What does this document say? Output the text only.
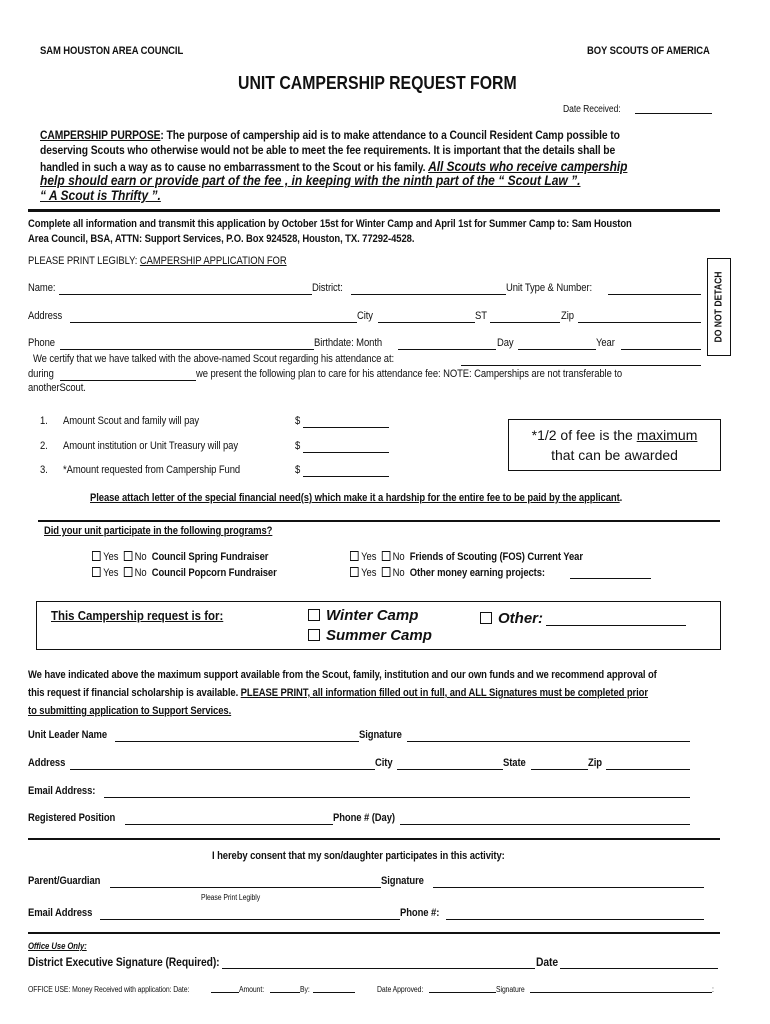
SAM HOUSTON AREA COUNCIL	BOY SCOUTS OF AMERICA
UNIT CAMPERSHIP REQUEST FORM
Date Received:
CAMPERSHIP PURPOSE: The purpose of campership aid is to make attendance to a Council Resident Camp possible to
deserving Scouts who otherwise would not be able to meet the fee requirements. It is important that the details shall be
handled in such a way as to cause no embarrassment to the Scout or his family. All Scouts who receive campership
help should earn or provide part of the fee , in keeping with the ninth part of the “ Scout Law ”.
“ A Scout is Thrifty ”.
Complete all information and transmit this application by October 15st for Winter Camp and April 1st for Summer Camp to: Sam Houston
Area Council, BSA, ATTN: Support Services, P.O. Box 924528, Houston, TX. 77292-4528.
PLEASE PRINT LEGIBLY: CAMPERSHIP APPLICATION FOR
DO NOT DETACH
Name:	District:	Unit Type & Number:
Address	City	ST	Zip
Phone	Birthdate: Month	Day	Year
We certify that we have talked with the above-named Scout regarding his attendance at:
during	we present the following plan to care for his attendance fee: NOTE: Camperships are not transferable to
anotherScout.
1. Amount Scout and family will pay	$
2. Amount institution or Unit Treasury will pay	$
3. *Amount requested from Campership Fund	$
*1/2 of fee is the maximum
that can be awarded
Please attach letter of the special financial need(s) which make it a hardship for the entire fee to be paid by the applicant.
Did your unit participate in the following programs?
Yes No Council Spring Fundraiser
Yes No Council Popcorn Fundraiser
Yes No Friends of Scouting (FOS) Current Year
Yes No Other money earning projects:
This Campership request is for:	Winter Camp
Summer Camp
Other:
We have indicated above the maximum support available from the Scout, family, institution and our own funds and we recommend approval of
this request if financial scholarship is available. PLEASE PRINT, all information filled out in full, and ALL Signatures must be completed prior
to submitting application to Support Services.
Unit Leader Name	Signature
Address	City	State	Zip
Email Address:
Registered Position	Phone # (Day)
I hereby consent that my son/daughter participates in this activity:
Parent/Guardian	Signature
Please Print Legibly
Email Address	Phone #:
Office Use Only:
District Executive Signature (Required):	Date
OFFICE USE: Money Received with application: Date:	Amount:	By:	Date Approved:	Signature	:
